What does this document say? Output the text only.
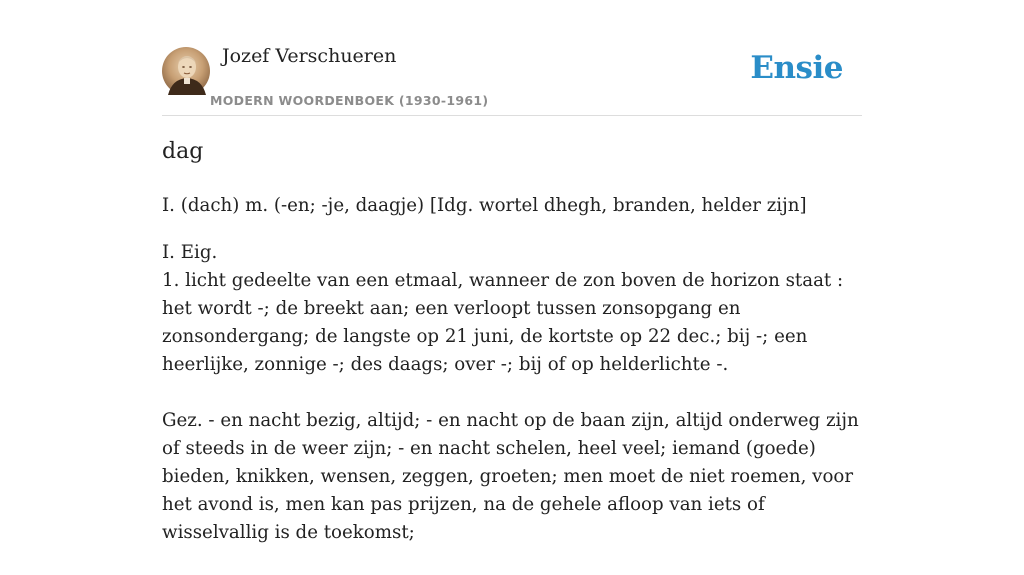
Jozef Verschueren
MODERN WOORDENBOEK (1930-1961)
Ensie
dag
I. (dach) m. (-en; -je, daagje) [Idg. wortel dhegh, branden, helder zijn]

I. Eig.
1. licht gedeelte van een etmaal, wanneer de zon boven de horizon staat : het wordt -; de breekt aan; een verloopt tussen zonsopgang en zonsondergang; de langste op 21 juni, de kortste op 22 dec.; bij -; een heerlijke, zonnige -; des daags; over -; bij of op helderlichte -.

Gez. - en nacht bezig, altijd; - en nacht op de baan zijn, altijd onderweg zijn of steeds in de weer zijn; - en nacht schelen, heel veel; iemand (goede) bieden, knikken, wensen, zeggen, groeten; men moet de niet roemen, voor het avond is, men kan pas prijzen, na de gehele afloop van iets of wisselvallig is de toekomst;
